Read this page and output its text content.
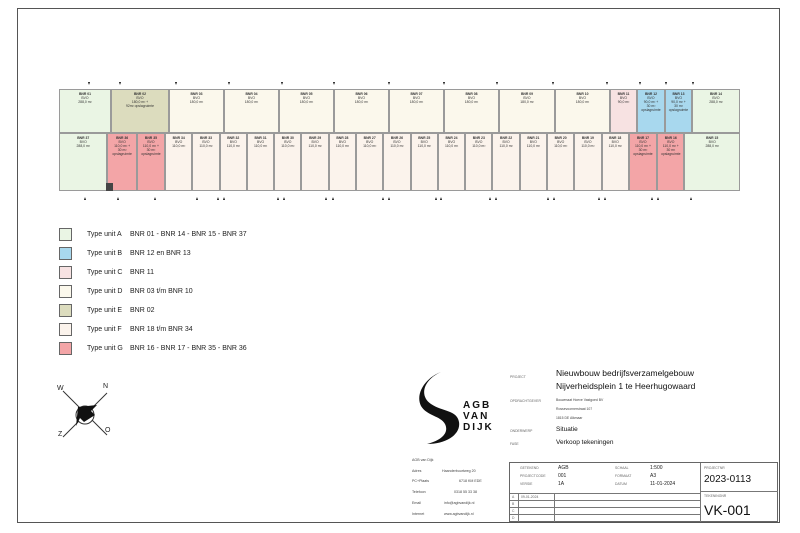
BNR 01
BVO
288,0 m²
BNR 02
BVO
180,0 m² +
92m² opslagruimte
BNR 03
BVO
180,0 m²
BNR 04
BVO
180,0 m²
BNR 05
BVO
180,0 m²
BNR 06
BVO
180,0 m²
BNR 07
BVO
180,0 m²
BNR 08
BVO
180,0 m²
BNR 09
BVO
180,0 m²
BNR 10
BVO
180,0 m²
BNR 11
BVO
90,0 m²
BNR 12
BVO
90,0 m² +
30 m² opslagruimte
BNR 13
BVO
90,0 m² +
30 m² opslagruimte
BNR 14
BVO
288,0 m²
BNR 37
BVO
288,0 m²
BNR 36
BVO
110,0 m² +
30 m² opslagruimte
BNR 35
BVO
110,0 m² +
30 m² opslagruimte
BNR 34
BVO
110,0 m²
BNR 33
BVO
110,0 m²
BNR 32
BVO
110,0 m²
BNR 31
BVO
110,0 m²
BNR 30
BVO
110,0 m²
BNR 29
BVO
110,0 m²
BNR 28
BVO
110,0 m²
BNR 27
BVO
110,0 m²
BNR 26
BVO
110,0 m²
BNR 25
BVO
110,0 m²
BNR 24
BVO
110,0 m²
BNR 23
BVO
110,0 m²
BNR 22
BVO
110,0 m²
BNR 21
BVO
110,0 m²
BNR 20
BVO
110,0 m²
BNR 19
BVO
110,0 m²
BNR 18
BVO
110,0 m²
BNR 17
BVO
110,0 m² +
30 m² opslagruimte
BNR 16
BVO
110,0 m² +
30 m² opslagruimte
BNR 15
BVO
288,0 m²
Type unit A	BNR 01 - BNR 14 - BNR 15 - BNR 37
Type unit B	BNR 12 en BNR 13
Type unit C	BNR 11
Type unit D	BNR 03 t/m BNR 10
Type unit E	BNR 02
Type unit F	BNR 18 t/m BNR 34
Type unit G	BNR 16 - BNR 17 - BNR 35 - BNR 36
W	N
Z
O
AGB
VAN
DIJK
AGB van Dijk
Adres	Haanderbuurtweg 20
PC+Plaats	6718 KM EDE
Telefoon	0318 55 33 38
Email	info@agbvandijk.nl
Internet	www.agbvandijk.nl
PROJECT	Nieuwbouw bedrijfsverzamelgebouw
Nijverheidsplein 1 te Heerhugowaard
OPDRACHTGEVER	Bouwmaat Hoeve Vastgoed BV
Rossevoornerstraat 107
1815 DE Alkmaar
ONDERWERP	Situatie
FASE	Verkoop tekeningen
GETEKEND	AGB
PROJECTCODE 001
VERSIE	1A
SCHAAL	1:500
FORMAAT	A3
DATUM	11-01-2024
A 09-01-2024
B
C
D
PROJECTNR
2023-0113
TEKENINGNR
VK-001
